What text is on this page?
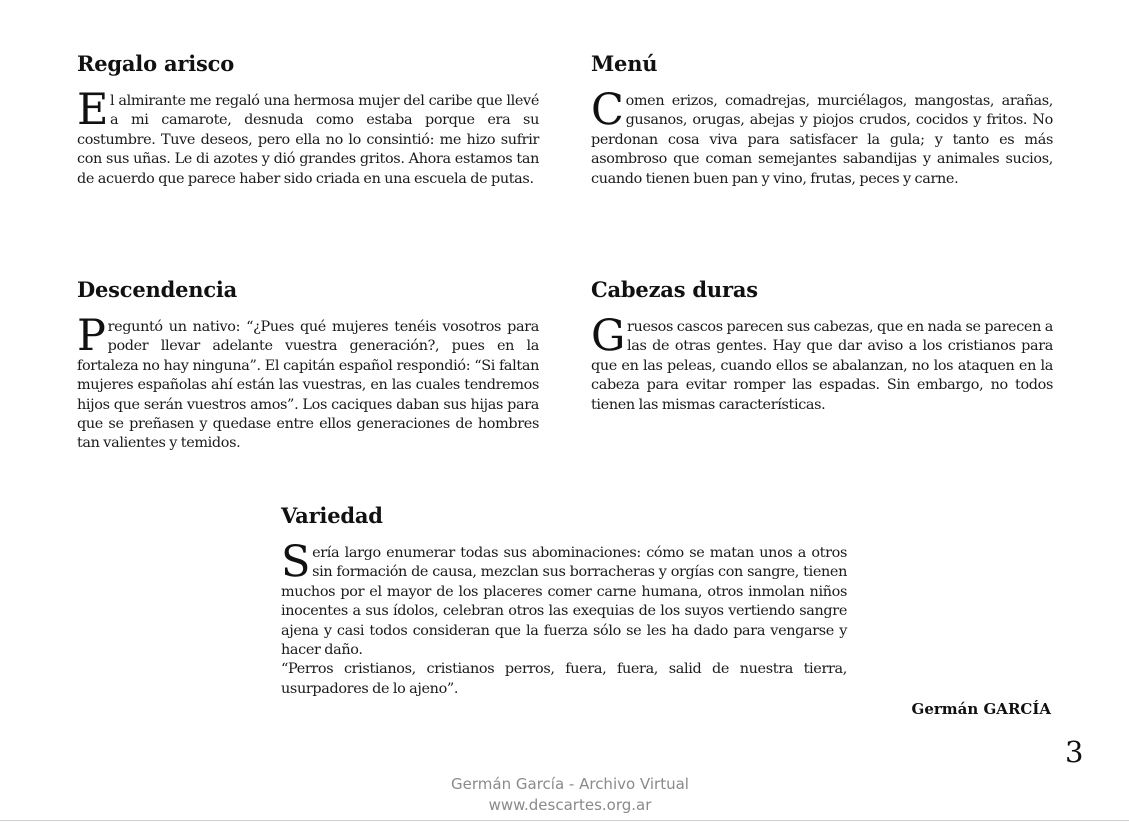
Regalo arisco

El almirante me regaló una hermosa mujer del caribe que llevé a mi camarote, desnuda como estaba porque era su costumbre. Tuve deseos, pero ella no lo consintió: me hizo sufrir con sus uñas. Le di azotes y dió grandes gritos. Ahora estamos tan de acuerdo que parece haber sido criada en una escuela de putas.

Menú

Comen erizos, comadrejas, murciélagos, mangostas, arañas, gusanos, orugas, abejas y piojos crudos, cocidos y fritos. No perdonan cosa viva para satisfacer la gula; y tanto es más asombroso que coman semejantes sabandijas y animales sucios, cuando tienen buen pan y vino, frutas, peces y carne.

Descendencia

Preguntó un nativo: “¿Pues qué mujeres tenéis vosotros para poder llevar adelante vuestra generación?, pues en la fortaleza no hay ninguna”. El capitán español respondió: “Si faltan mujeres españolas ahí están las vuestras, en las cuales tendremos hijos que serán vuestros amos”. Los caciques daban sus hijas para que se preñasen y quedase entre ellos generaciones de hombres tan valientes y temidos.

Cabezas duras

Gruesos cascos parecen sus cabezas, que en nada se parecen a las de otras gentes. Hay que dar aviso a los cristianos para que en las peleas, cuando ellos se abalanzan, no los ataquen en la cabeza para evitar romper las espadas. Sin embargo, no todos tienen las mismas características.

Variedad

Sería largo enumerar todas sus abominaciones: cómo se matan unos a otros sin formación de causa, mezclan sus borracheras y orgías con sangre, tienen muchos por el mayor de los placeres comer carne humana, otros inmolan niños inocentes a sus ídolos, celebran otros las exequias de los suyos vertiendo sangre ajena y casi todos consideran que la fuerza sólo se les ha dado para vengarse y hacer daño.

“Perros cristianos, cristianos perros, fuera, fuera, salid de nuestra tierra, usurpadores de lo ajeno”.

Germán GARCÍA
3
Germán García - Archivo Virtual
www.descartes.org.ar
